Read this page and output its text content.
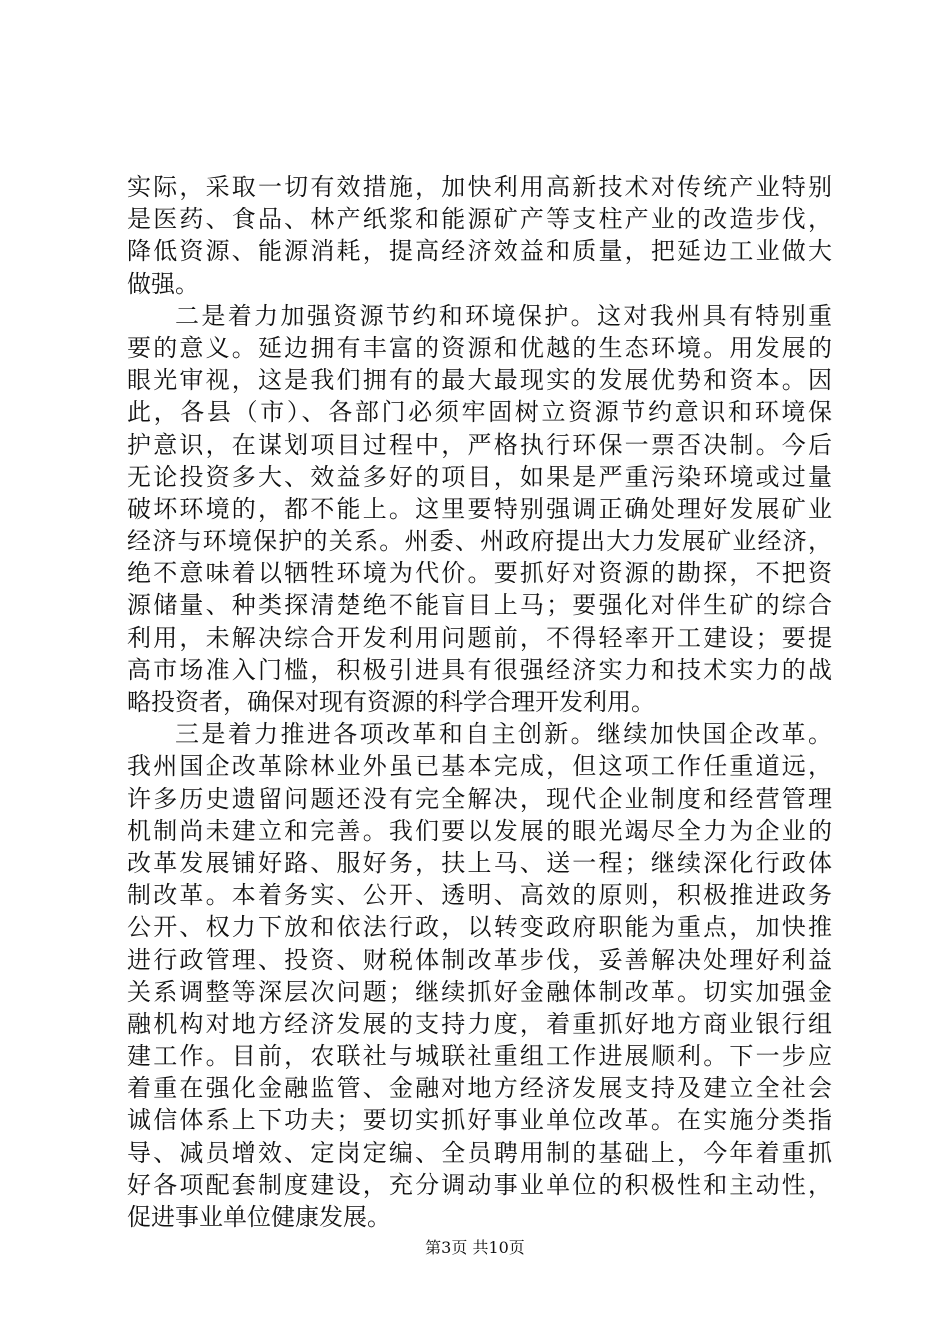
实际，采取一切有效措施，加快利用高新技术对传统产业特别
是医药、食品、林产纸浆和能源矿产等支柱产业的改造步伐，
降低资源、能源消耗，提高经济效益和质量，把延边工业做大
做强。
二是着力加强资源节约和环境保护。这对我州具有特别重
要的意义。延边拥有丰富的资源和优越的生态环境。用发展的
眼光审视，这是我们拥有的最大最现实的发展优势和资本。因
此，各县（市）、各部门必须牢固树立资源节约意识和环境保
护意识，在谋划项目过程中，严格执行环保一票否决制。今后
无论投资多大、效益多好的项目，如果是严重污染环境或过量
破坏环境的，都不能上。这里要特别强调正确处理好发展矿业
经济与环境保护的关系。州委、州政府提出大力发展矿业经济，
绝不意味着以牺牲环境为代价。要抓好对资源的勘探，不把资
源储量、种类探清楚绝不能盲目上马；要强化对伴生矿的综合
利用，未解决综合开发利用问题前，不得轻率开工建设；要提
高市场准入门槛，积极引进具有很强经济实力和技术实力的战
略投资者，确保对现有资源的科学合理开发利用。
三是着力推进各项改革和自主创新。继续加快国企改革。
我州国企改革除林业外虽已基本完成，但这项工作任重道远，
许多历史遗留问题还没有完全解决，现代企业制度和经营管理
机制尚未建立和完善。我们要以发展的眼光竭尽全力为企业的
改革发展铺好路、服好务，扶上马、送一程；继续深化行政体
制改革。本着务实、公开、透明、高效的原则，积极推进政务
公开、权力下放和依法行政，以转变政府职能为重点，加快推
进行政管理、投资、财税体制改革步伐，妥善解决处理好利益
关系调整等深层次问题；继续抓好金融体制改革。切实加强金
融机构对地方经济发展的支持力度，着重抓好地方商业银行组
建工作。目前，农联社与城联社重组工作进展顺利。下一步应
着重在强化金融监管、金融对地方经济发展支持及建立全社会
诚信体系上下功夫；要切实抓好事业单位改革。在实施分类指
导、减员增效、定岗定编、全员聘用制的基础上，今年着重抓
好各项配套制度建设，充分调动事业单位的积极性和主动性，
促进事业单位健康发展。
第3页 共10页
